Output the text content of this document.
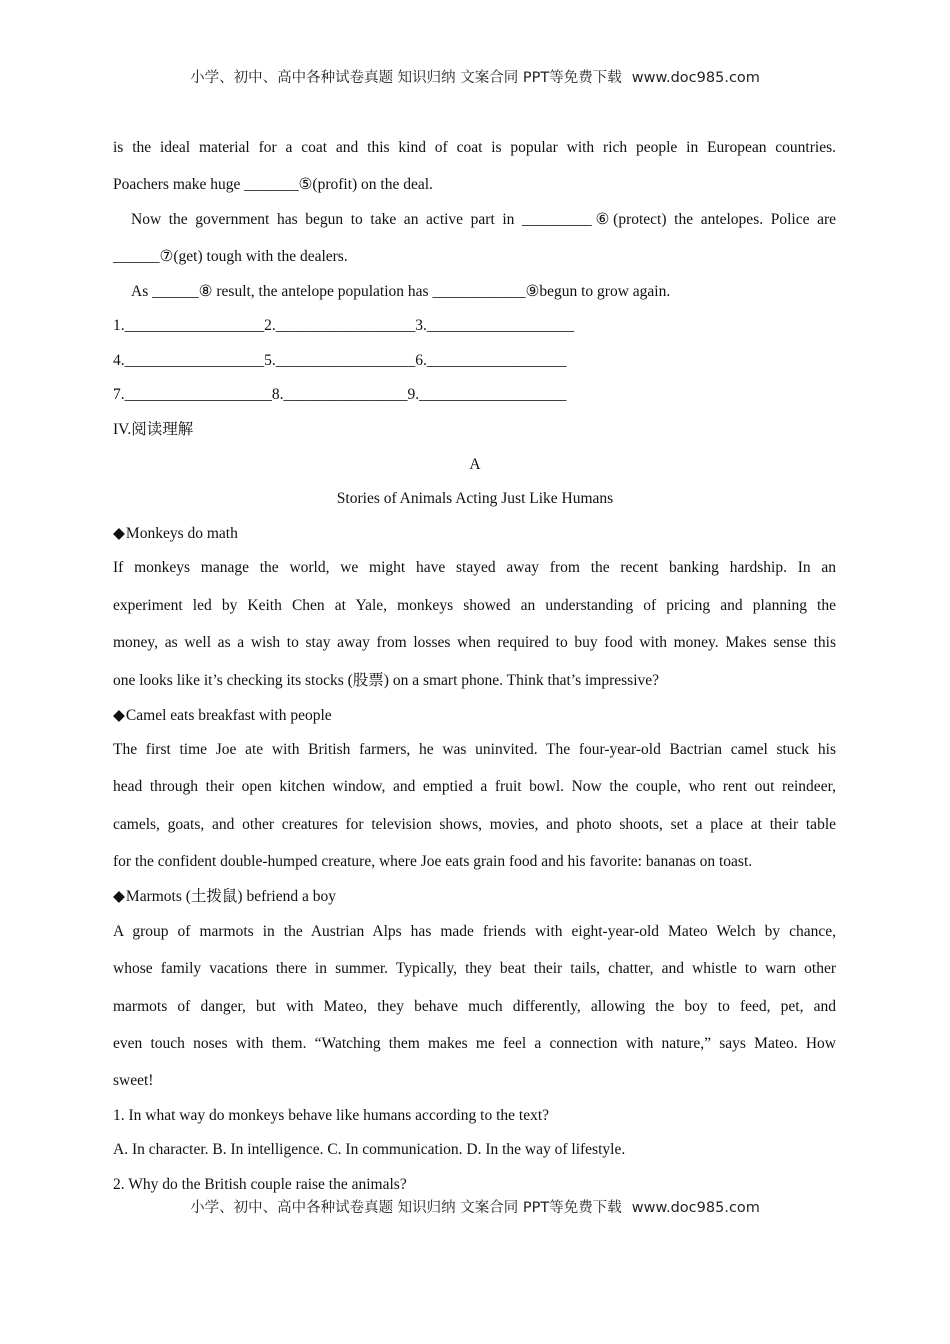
小学、初中、高中各种试卷真题 知识归纳 文案合同 PPT等免费下载 www.doc985.com
is the ideal material for a coat and this kind of coat is popular with rich people in European countries.
Poachers make huge _______⑤(profit) on the deal.
Now the government has begun to take an active part in _________⑥(protect) the antelopes. Police are
______⑦(get) tough with the dealers.
As ______⑧ result, the antelope population has ____________⑨begun to grow again.
1.__________________2.__________________3.___________________
4.__________________5.__________________6.__________________
7.___________________8.________________9.___________________
IV.阅读理解
A
Stories of Animals Acting Just Like Humans
◆Monkeys do math
If monkeys manage the world, we might have stayed away from the recent banking hardship. In an
experiment led by Keith Chen at Yale, monkeys showed an understanding of pricing and planning the
money, as well as a wish to stay away from losses when required to buy food with money. Makes sense this
one looks like it’s checking its stocks (股票) on a smart phone. Think that’s impressive?
◆Camel eats breakfast with people
The first time Joe ate with British farmers, he was uninvited. The four-year-old Bactrian camel stuck his
head through their open kitchen window, and emptied a fruit bowl. Now the couple, who rent out reindeer,
camels, goats, and other creatures for television shows, movies, and photo shoots, set a place at their table
for the confident double-humped creature, where Joe eats grain food and his favorite: bananas on toast.
◆Marmots (土拨鼠) befriend a boy
A group of marmots in the Austrian Alps has made friends with eight-year-old Mateo Welch by chance,
whose family vacations there in summer. Typically, they beat their tails, chatter, and whistle to warn other
marmots of danger, but with Mateo, they behave much differently, allowing the boy to feed, pet, and
even touch noses with them. “Watching them makes me feel a connection with nature,” says Mateo. How
sweet!
1. In what way do monkeys behave like humans according to the text?
A. In character. B. In intelligence. C. In communication. D. In the way of lifestyle.
2. Why do the British couple raise the animals?
小学、初中、高中各种试卷真题 知识归纳 文案合同 PPT等免费下载 www.doc985.com
